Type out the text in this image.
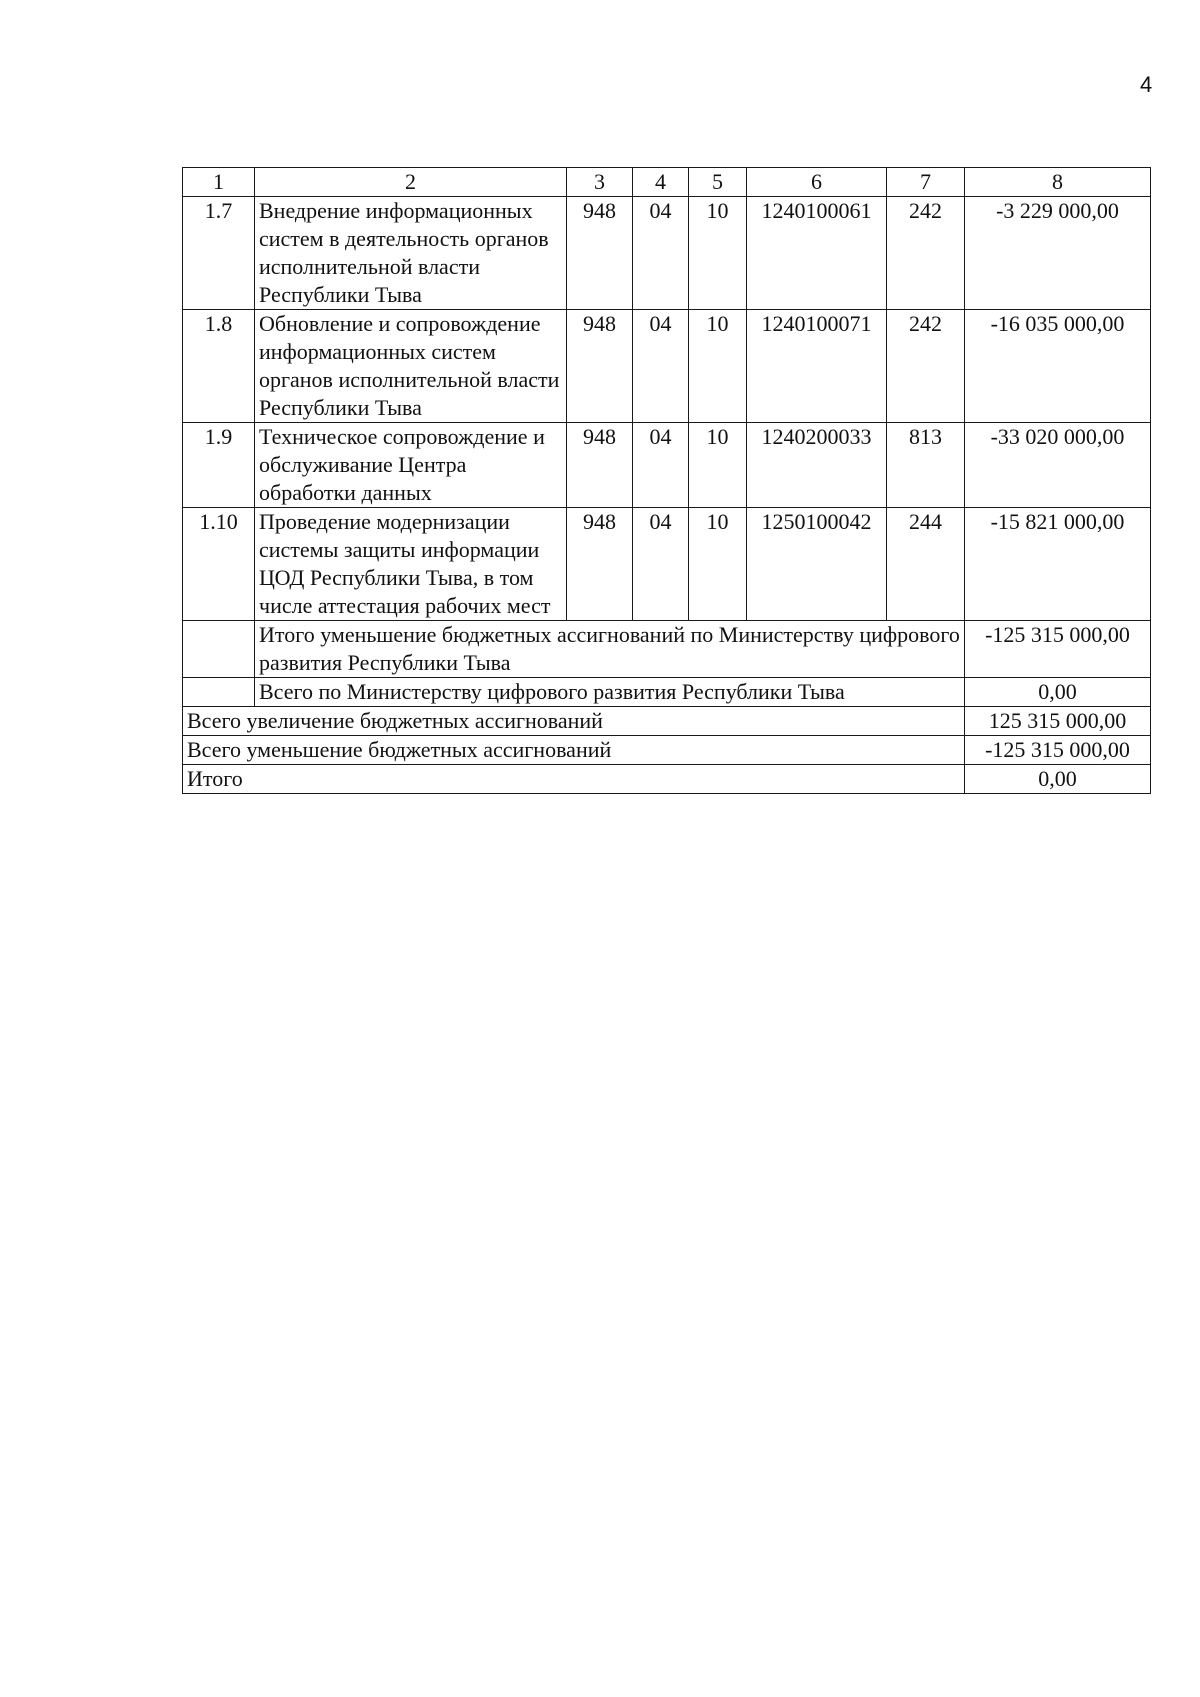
4
1	2	3	4	5	6	7	8
1.7	Внедрение информационных систем в деятельность органов исполнительной власти Республики Тыва	948	04	10	1240100061	242	-3 229 000,00
1.8	Обновление и сопровождение информационных систем органов исполнительной власти Республики Тыва	948	04	10	1240100071	242	-16 035 000,00
1.9	Техническое сопровождение и обслуживание Центра обработки данных	948	04	10	1240200033	813	-33 020 000,00
1.10	Проведение модернизации системы защиты информации ЦОД Республики Тыва, в том числе аттестация рабочих мест	948	04	10	1250100042	244	-15 821 000,00
	Итого уменьшение бюджетных ассигнований по Министерству цифрового развития Республики Тыва						-125 315 000,00
	Всего по Министерству цифрового развития Республики Тыва						0,00
Всего увеличение бюджетных ассигнований							125 315 000,00
Всего уменьшение бюджетных ассигнований							-125 315 000,00
Итого							0,00
